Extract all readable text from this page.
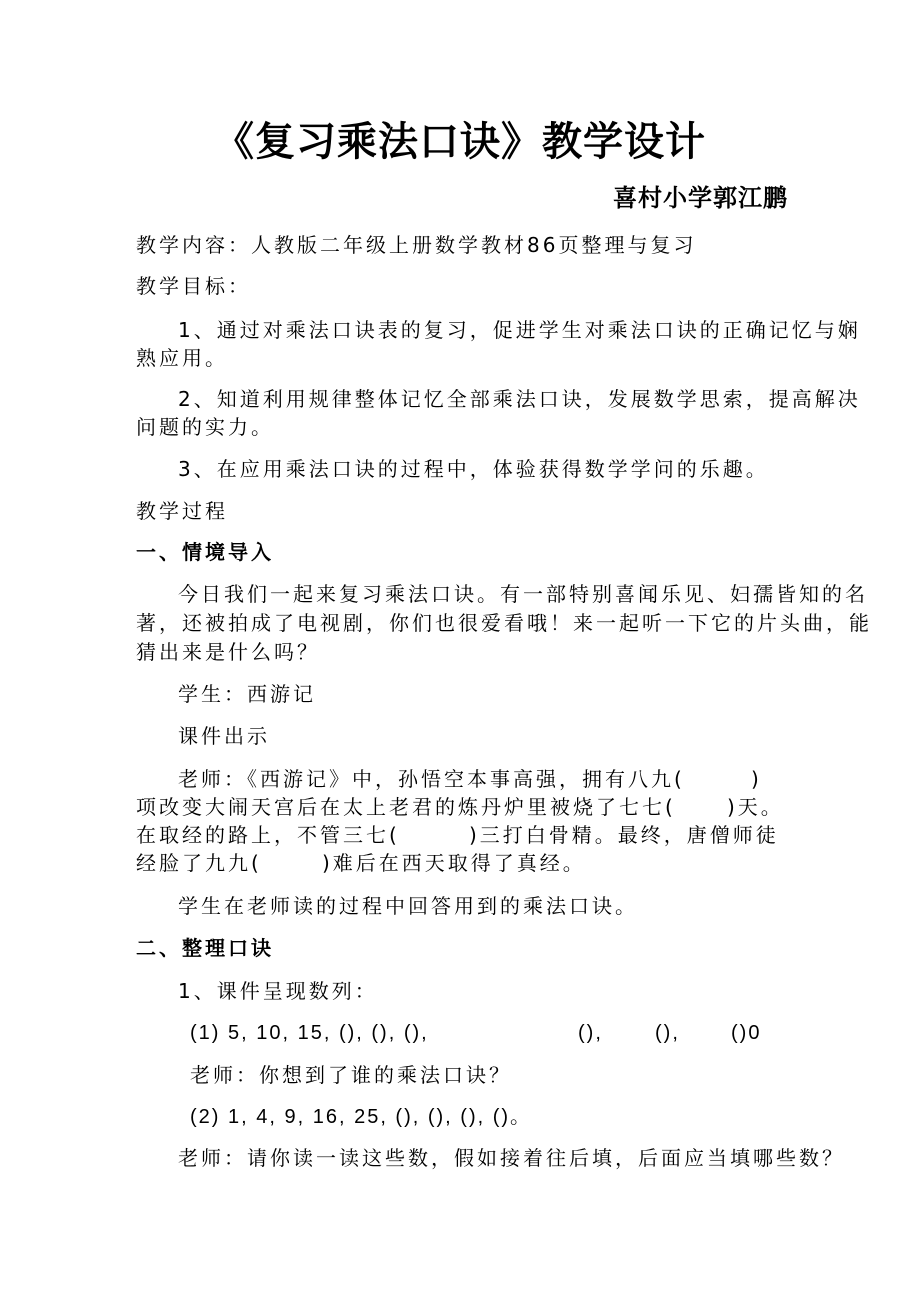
《复习乘法口诀》教学设计
喜村小学郭江鹏
教学内容：人教版二年级上册数学教材86页整理与复习
教学目标：
1、通过对乘法口诀表的复习，促进学生对乘法口诀的正确记忆与娴
熟应用。
2、知道利用规律整体记忆全部乘法口诀，发展数学思索，提高解决
问题的实力。
3、在应用乘法口诀的过程中，体验获得数学学问的乐趣。
教学过程
一、情境导入
今日我们一起来复习乘法口诀。有一部特别喜闻乐见、妇孺皆知的名
著，还被拍成了电视剧，你们也很爱看哦！来一起听一下它的片头曲，能
猜出来是什么吗？
学生：西游记
课件出示
老师：《西游记》中，孙悟空本事高强，拥有八九(	)
项改变大闹天宫后在太上老君的炼丹炉里被烧了七七(	)天。
在取经的路上，不管三七(	)三打白骨精。最终，唐僧师徒
经脸了九九(	)难后在西天取得了真经。
学生在老师读的过程中回答用到的乘法口诀。
二、整理口诀
1、课件呈现数列：
(1) 5, 10, 15, (), (), (),	(),	(),	()0
老师：你想到了谁的乘法口诀？
(2) 1, 4, 9, 16, 25, (), (), (), ()。
老师：请你读一读这些数，假如接着往后填，后面应当填哪些数？
